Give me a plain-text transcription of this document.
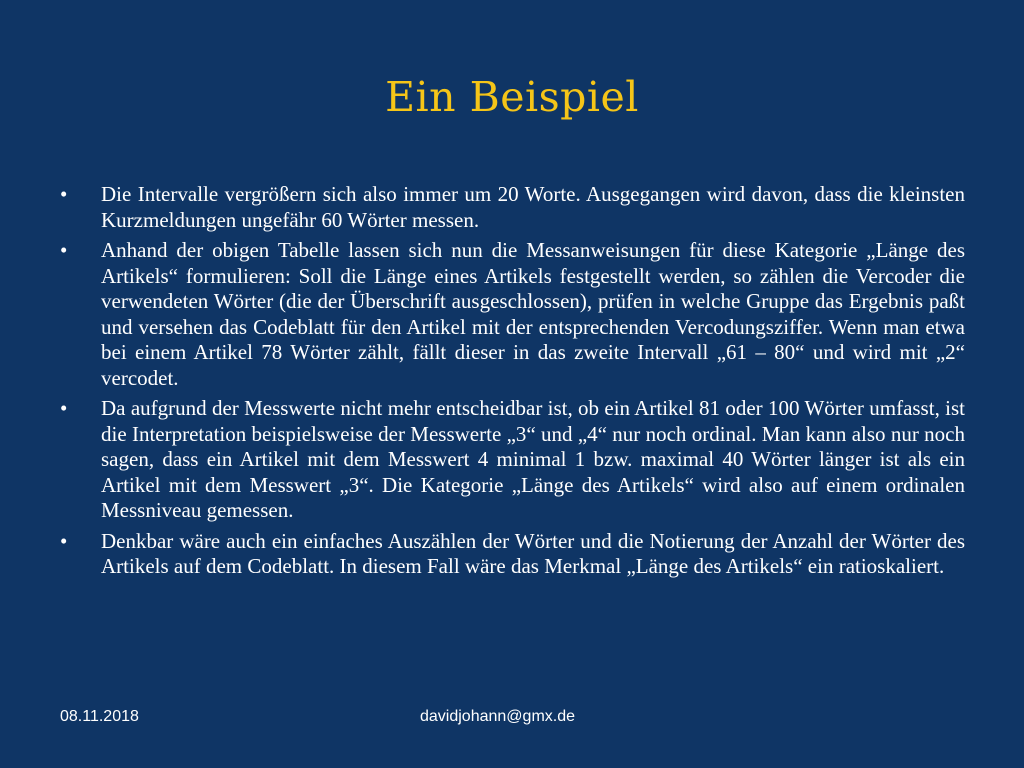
Ein Beispiel
• Die Intervalle vergrößern sich also immer um 20 Worte. Ausgegangen wird davon, dass die kleinsten Kurzmeldungen ungefähr 60 Wörter messen.
• Anhand der obigen Tabelle lassen sich nun die Messanweisungen für diese Kategorie „Länge des Artikels“ formulieren: Soll die Länge eines Artikels festgestellt werden, so zählen die Vercoder die verwendeten Wörter (die der Überschrift ausgeschlossen), prüfen in welche Gruppe das Ergebnis paßt und versehen das Codeblatt für den Artikel mit der entsprechenden Vercodungsziffer. Wenn man etwa bei einem Artikel 78 Wörter zählt, fällt dieser in das zweite Intervall „61 – 80“ und wird mit „2“ vercodet.
• Da aufgrund der Messwerte nicht mehr entscheidbar ist, ob ein Artikel 81 oder 100 Wörter umfasst, ist die Interpretation beispielsweise der Messwerte „3“ und „4“ nur noch ordinal. Man kann also nur noch sagen, dass ein Artikel mit dem Messwert 4 minimal 1 bzw. maximal 40 Wörter länger ist als ein Artikel mit dem Messwert „3“. Die Kategorie „Länge des Artikels“ wird also auf einem ordinalen Messniveau gemessen.
• Denkbar wäre auch ein einfaches Auszählen der Wörter und die Notierung der Anzahl der Wörter des Artikels auf dem Codeblatt. In diesem Fall wäre das Merkmal „Länge des Artikels“ ein ratioskaliert.
08.11.2018	davidjohann@gmx.de
